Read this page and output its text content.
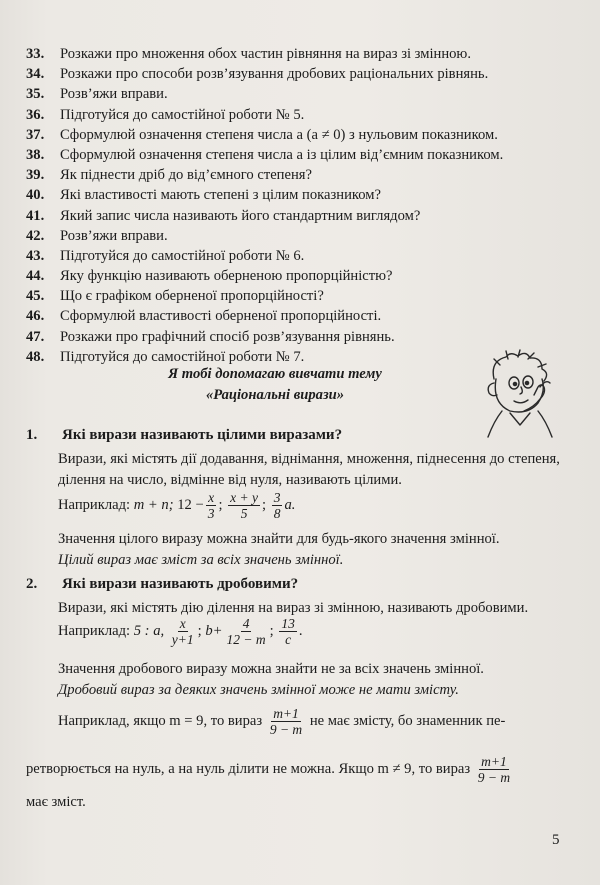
33.	Розкажи про множення обох частин рівняння на вираз зі змінною.
34.	Розкажи про способи розв’язування дробових раціональних рівнянь.
35.	Розв’яжи вправи.
36.	Підготуйся до самостійної роботи № 5.
37.	Сформулюй означення степеня числа a (a ≠ 0) з нульовим показником.
38.	Сформулюй означення степеня числа a із цілим від’ємним показником.
39.	Як піднести дріб до від’ємного степеня?
40.	Які властивості мають степені з цілим показником?
41.	Який запис числа називають його стандартним виглядом?
42.	Розв’яжи вправи.
43.	Підготуйся до самостійної роботи № 6.
44.	Яку функцію називають оберненою пропорційністю?
45.	Що є графіком оберненої пропорційності?
46.	Сформулюй властивості оберненої пропорційності.
47.	Розкажи про графічний спосіб розв’язування рівнянь.
48.	Підготуйся до самостійної роботи № 7.
Я тобі допомагаю вивчати тему
«Раціональні вирази»
1. Які вирази називають цілими виразами?
Вирази, які містять дії додавання, віднімання, множення, піднесення до степеня, ділення на число, відмінне від нуля, називають цілими.
Наприклад:
m + n;
$12 - \frac{x}{3}$ ; $\frac{x + y}{5}$ ; $\frac{3}{8} a$.
Значення цілого виразу можна знайти для будь-якого значення змінної.
Цілий вираз має зміст за всіх значень змінної.
2. Які вирази називають дробовими?
Вирази, які містять дію ділення на вираз зі змінною, називають дробовими.
Наприклад:
5 : a,
$\frac{x}{y+1}$ ; $b+ \frac{4}{12 - m}$ ; $\frac{13}{c}$ .
Значення дробового виразу можна знайти не за всіх значень змінної.
Дробовий вираз за деяких значень змінної може не мати змісту.
Наприклад, якщо m = 9, то вираз
$\frac{m+1}{9 - m}$
не має змісту, бо знаменник пе-
ретворюється на нуль, а на нуль ділити не можна. Якщо m ≠ 9, то вираз
$\frac{m+1}{9 - m}$
має зміст.
5
